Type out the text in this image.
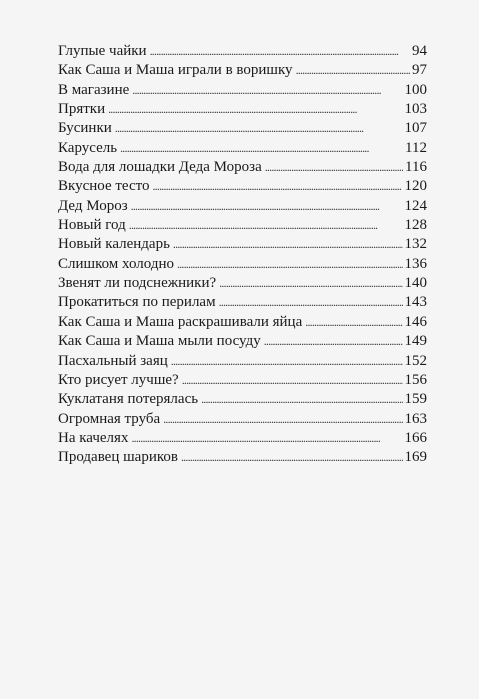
Глупые чайки . . .	94
Как Саша и Маша играли в воришку . . .	97
В магазине . . .	100
Прятки . . .	103
Бусинки . . .	107
Карусель . . .	112
Вода для лошадки Деда Мороза . . .	116
Вкусное тесто . . .	120
Дед Мороз . . .	124
Новый год . . .	128
Новый календарь . . .	132
Слишком холодно . . .	136
Звенят ли подснежники? . . .	140
Прокатиться по перилам . . .	143
Как Саша и Маша раскрашивали яйца . . .	146
Как Саша и Маша мыли посуду . . .	149
Пасхальный заяц . . .	152
Кто рисует лучше? . . .	156
Куклатаня потерялась . . .	159
Огромная труба . . .	163
На качелях . . .	166
Продавец шариков . . .	169
